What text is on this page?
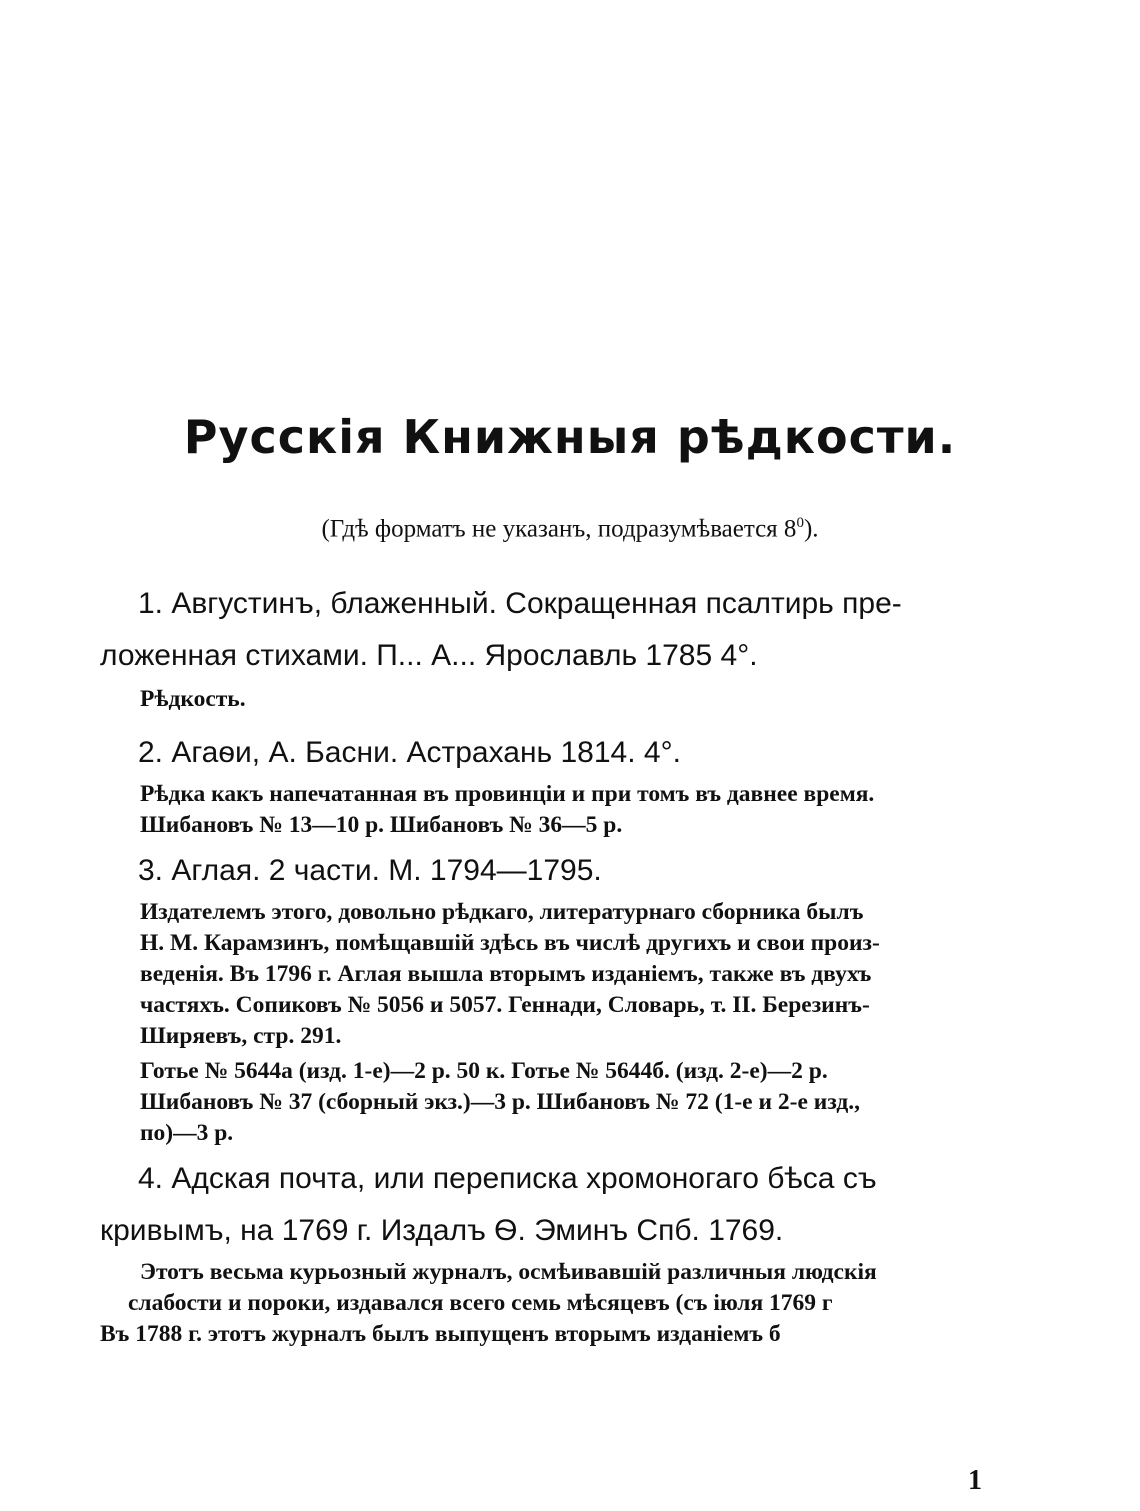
Русскія Книжныя рѣдкости.
(Гдѣ форматъ не указанъ, подразумѣвается $8^0$).

1. Августинъ, блаженный. Сокращенная псалтирь пре-
ложенная стихами. П... А... Ярославль 1785 4°.

Рѣдкость.

2. Агаѳи, А. Басни. Астрахань 1814. 4°.

Рѣдка какъ напечатанная въ провинціи и при томъ въ давнее время.
Шибановъ № 13—10 р. Шибановъ № 36—5 р.

3. Аглая. 2 части. М. 1794—1795.

Издателемъ этого, довольно рѣдкаго, литературнаго сборника былъ
Н. М. Карамзинъ, помѣщавшій здѣсь въ числѣ другихъ и свои произ-
веденія. Въ 1796 г. Аглая вышла вторымъ изданіемъ, также въ двухъ
частяхъ. Сопиковъ № 5056 и 5057. Геннади, Словарь, т. II. Березинъ-
Ширяевъ, стр. 291.

Готье № 5644а (изд. 1-е)—2 р. 50 к. Готье № 5644б. (изд. 2-е)—2 р.
Шибановъ № 37 (сборный экз.)—3 р. Шибановъ № 72 (1-е и 2-е изд.,
по)—3 р.

4. Адская почта, или переписка хромоногаго бѣса съ
кривымъ, на 1769 г. Издалъ Ѳ. Эминъ Спб. 1769.

Этотъ весьма курьозный журналъ, осмѣивавшій различныя людскія
слабости и пороки, издавался всего семь мѣсяцевъ (съ іюля 1769 г
Въ 1788 г. этотъ журналъ былъ выпущенъ вторымъ изданіемъ б

1
